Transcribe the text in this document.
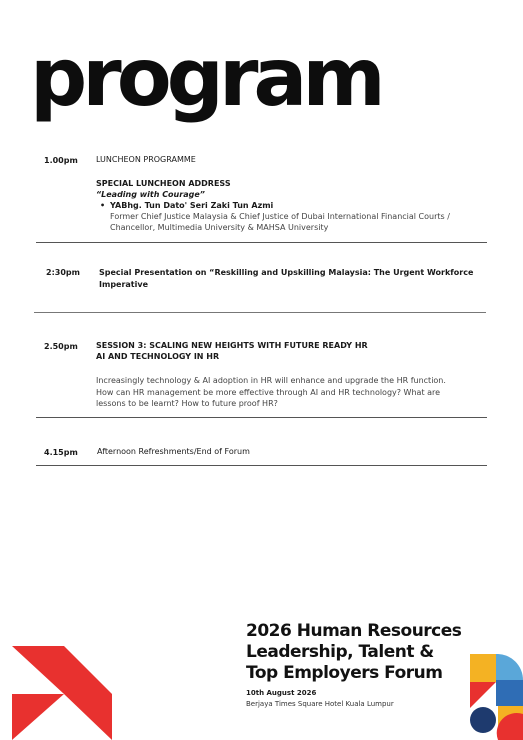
program
1.00pm LUNCHEON PROGRAMME
SPECIAL LUNCHEON ADDRESS
“Leading with Courage”
• YABhg. Tun Dato' Seri Zaki Tun Azmi
Former Chief Justice Malaysia & Chief Justice of Dubai International Financial Courts /
Chancellor, Multimedia University & MAHSA University
2:30pm Special Presentation on “Reskilling and Upskilling Malaysia: The Urgent Workforce
Imperative
2.50pm SESSION 3: SCALING NEW HEIGHTS WITH FUTURE READY HR
AI AND TECHNOLOGY IN HR
Increasingly technology & AI adoption in HR will enhance and upgrade the HR function.
How can HR management be more effective through AI and HR technology? What are
lessons to be learnt? How to future proof HR?
4.15pm Afternoon Refreshments/End of Forum
2026 Human Resources
Leadership, Talent &
Top Employers Forum
10th August 2026
Berjaya Times Square Hotel Kuala Lumpur
